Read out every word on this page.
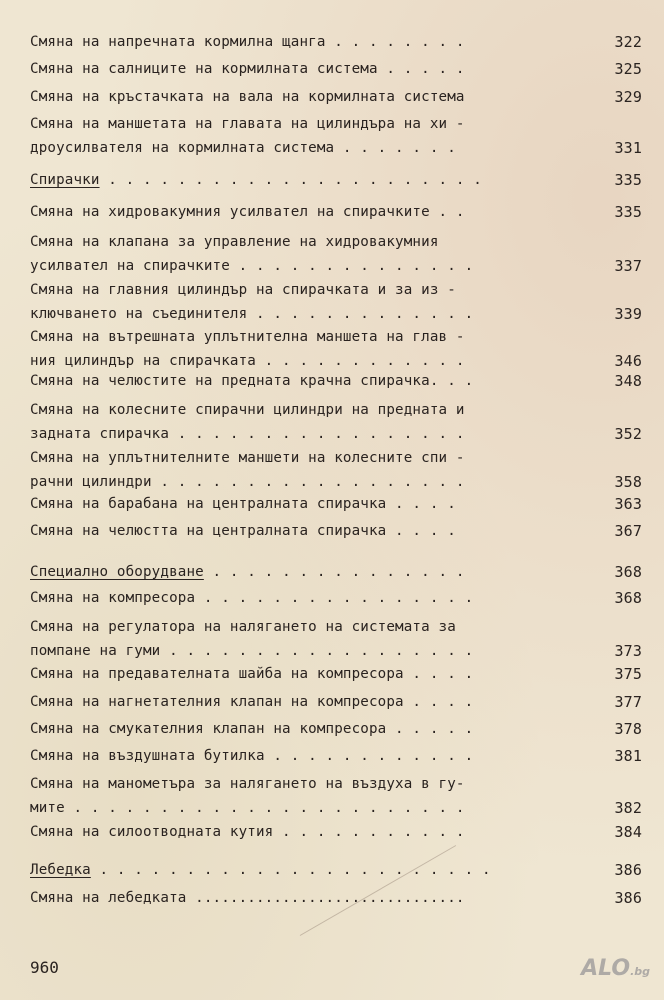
Смяна на напречната кормилна щанга . . . . . . . .	322
Смяна на салниците на кормилната система . . . . .	325
Смяна на кръстачката на вала на кормилната система	329
Смяна на маншетата на главата на цилиндъра на хи -
дроусилвателя на кормилната система . . . . . . .	331
Спирачки . . . . . . . . . . . . . . . . . . . . . .	335
Смяна на хидровакумния усилвател на спирачките . .	335
Смяна на клапана за управление на хидровакумния
усилвател на спирачките . . . . . . . . . . . . . .	337
Смяна на главния цилиндър на спирачката и за из -
ключването на съединителя . . . . . . . . . . . . .	339
Смяна на вътрешната уплътнителна маншета на глав -
ния цилиндър на спирачката . . . . . . . . . . . .	346
Смяна на челюстите на предната крачна спирачка. . .	348
Смяна на колесните спирачни цилиндри на предната и
задната спирачка . . . . . . . . . . . . . . . . .	352
Смяна на уплътнителните маншети на колесните спи -
рачни цилиндри . . . . . . . . . . . . . . . . . .	358
Смяна на барабана на централната спирачка . . . .	363
Смяна на челюстта на централната спирачка . . . .	367
Специално оборудване . . . . . . . . . . . . . . .	368
Смяна на компресора . . . . . . . . . . . . . . . .	368
Смяна на регулатора на налягането на системата за
помпане на гуми . . . . . . . . . . . . . . . . . .	373
Смяна на предавателната шайба на компресора . . . .	375
Смяна на нагнетателния клапан на компресора . . . .	377
Смяна на смукателния клапан на компресора . . . . .	378
Смяна на въздушната бутилка . . . . . . . . . . . .	381
Смяна на манометъра за налягането на въздуха в гу-
мите . . . . . . . . . . . . . . . . . . . . . . .	382
Смяна на силоотводната кутия . . . . . . . . . . .	384
Лебедка . . . . . . . . . . . . . . . . . . . . . . .	386
Смяна на лебедката ...............................	386
960	ALO.bg
